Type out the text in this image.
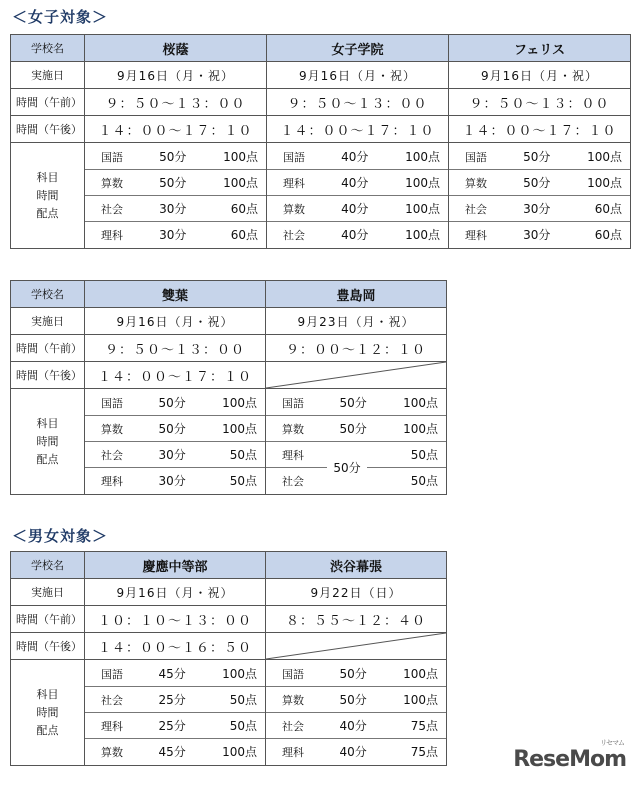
＜女子対象＞
学校名	桜蔭	女子学院	フェリス
実施日	9月16日（月・祝）	9月16日（月・祝）	9月16日（月・祝）
時間（午前）	９：５０～１３：００	９：５０～１３：００	９：５０～１３：００
時間（午後）	１４：００～１７：１０	１４：００～１７：１０	１４：００～１７：１０

科目
時間
配点

国語	50分	100点
算数	50分	100点
社会	30分	60点
理科	30分	60点

国語	40分	100点
理科	40分	100点
算数	40分	100点
社会	40分	100点

国語	50分	100点
算数	50分	100点
社会	30分	60点
理科	30分	60点
学校名	雙葉	豊島岡
実施日	9月16日（月・祝）	9月23日（月・祝）
時間（午前）	９：５０～１３：００	９：００～１２：１０
時間（午後）	１４：００～１７：１０	

科目
時間
配点

国語	50分	100点
算数	50分	100点
社会	30分	50点
理科	30分	50点

国語	50分	100点
算数	50分	100点
理科	50分	50点
社会	50点
＜男女対象＞
学校名	慶應中等部	渋谷幕張
実施日	9月16日（月・祝）	9月22日（日）
時間（午前）	１０：１０～１３：００	８：５５～１２：４０
時間（午後）	１４：００～１６：５０	

科目
時間
配点

国語	45分	100点
社会	25分	50点
理科	25分	50点
算数	45分	100点

国語	50分	100点
算数	50分	100点
社会	40分	75点
理科	40分	75点	ReseMom
リセマム
